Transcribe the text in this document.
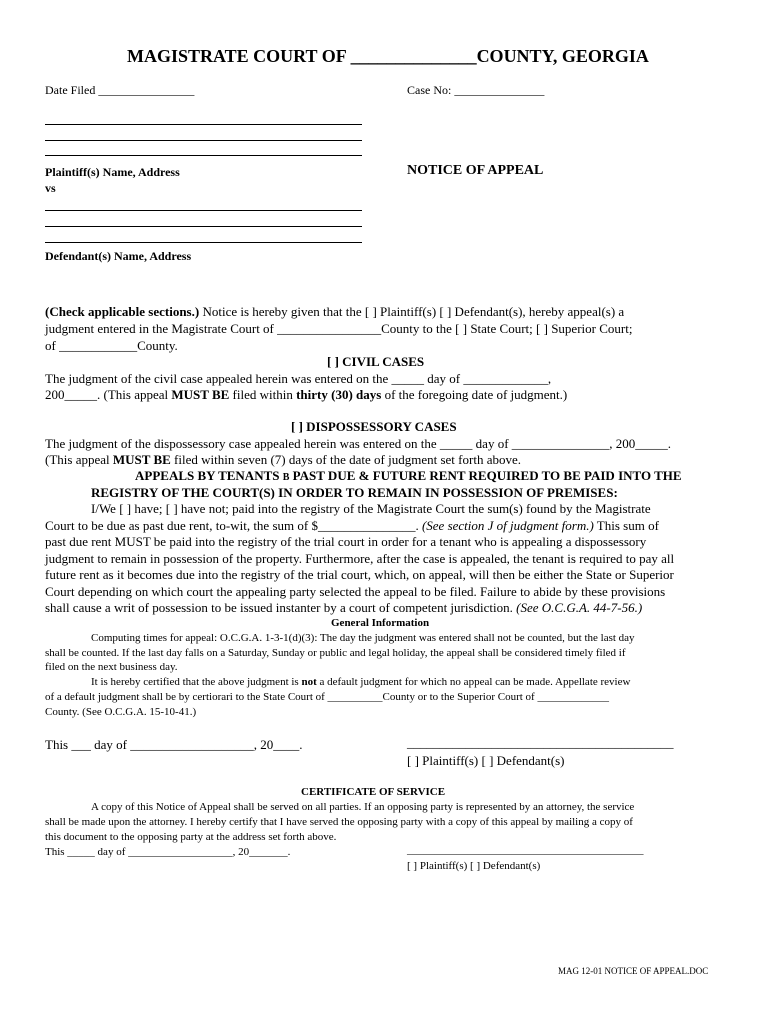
MAGISTRATE COURT OF ______________COUNTY, GEORGIA
Date Filed ________________	Case No: _______________
Plaintiff(s) Name, Address
vs
NOTICE OF APPEAL
Defendant(s) Name, Address
(Check applicable sections.) Notice is hereby given that the [ ] Plaintiff(s) [ ] Defendant(s), hereby appeal(s) a
judgment entered in the Magistrate Court of ________________County to the [ ] State Court; [ ] Superior Court;
of ____________County.
[ ] CIVIL CASES
The judgment of the civil case appealed herein was entered on the _____ day of _____________,
200_____. (This appeal MUST BE filed within thirty (30) days of the foregoing date of judgment.)
[ ] DISPOSSESSORY CASES
The judgment of the dispossessory case appealed herein was entered on the _____ day of _______________, 200_____.
(This appeal MUST BE filed within seven (7) days of the date of judgment set forth above.
APPEALS BY TENANTS B PAST DUE & FUTURE RENT REQUIRED TO BE PAID INTO THE
REGISTRY OF THE COURT(S) IN ORDER TO REMAIN IN POSSESSION OF PREMISES:
I/We [ ] have; [ ] have not; paid into the registry of the Magistrate Court the sum(s) found by the Magistrate
Court to be due as past due rent, to-wit, the sum of $_______________. (See section J of judgment form.) This sum of
past due rent MUST be paid into the registry of the trial court in order for a tenant who is appealing a dispossessory
judgment to remain in possession of the property. Furthermore, after the case is appealed, the tenant is required to pay all
future rent as it becomes due into the registry of the trial court, which, on appeal, will then be either the State or Superior
Court depending on which court the appealing party selected the appeal to be filed. Failure to abide by these provisions
shall cause a writ of possession to be issued instanter by a court of competent jurisdiction. (See O.C.G.A. 44-7-56.)
General Information
Computing times for appeal: O.C.G.A. 1-3-1(d)(3): The day the judgment was entered shall not be counted, but the last day
shall be counted. If the last day falls on a Saturday, Sunday or public and legal holiday, the appeal shall be considered timely filed if
filed on the next business day.
It is hereby certified that the above judgment is not a default judgment for which no appeal can be made. Appellate review
of a default judgment shall be by certiorari to the State Court of __________County or to the Superior Court of _____________
County. (See O.C.G.A. 15-10-41.)
This ___ day of ___________________, 20____.	_________________________________________
[ ] Plaintiff(s) [ ] Defendant(s)
CERTIFICATE OF SERVICE
A copy of this Notice of Appeal shall be served on all parties. If an opposing party is represented by an attorney, the service
shall be made upon the attorney. I hereby certify that I have served the opposing party with a copy of this appeal by mailing a copy of
this document to the opposing party at the address set forth above.
This _____ day of ___________________, 20_______.	___________________________________________
[ ] Plaintiff(s) [ ] Defendant(s)
MAG 12-01 NOTICE OF APPEAL.DOC
